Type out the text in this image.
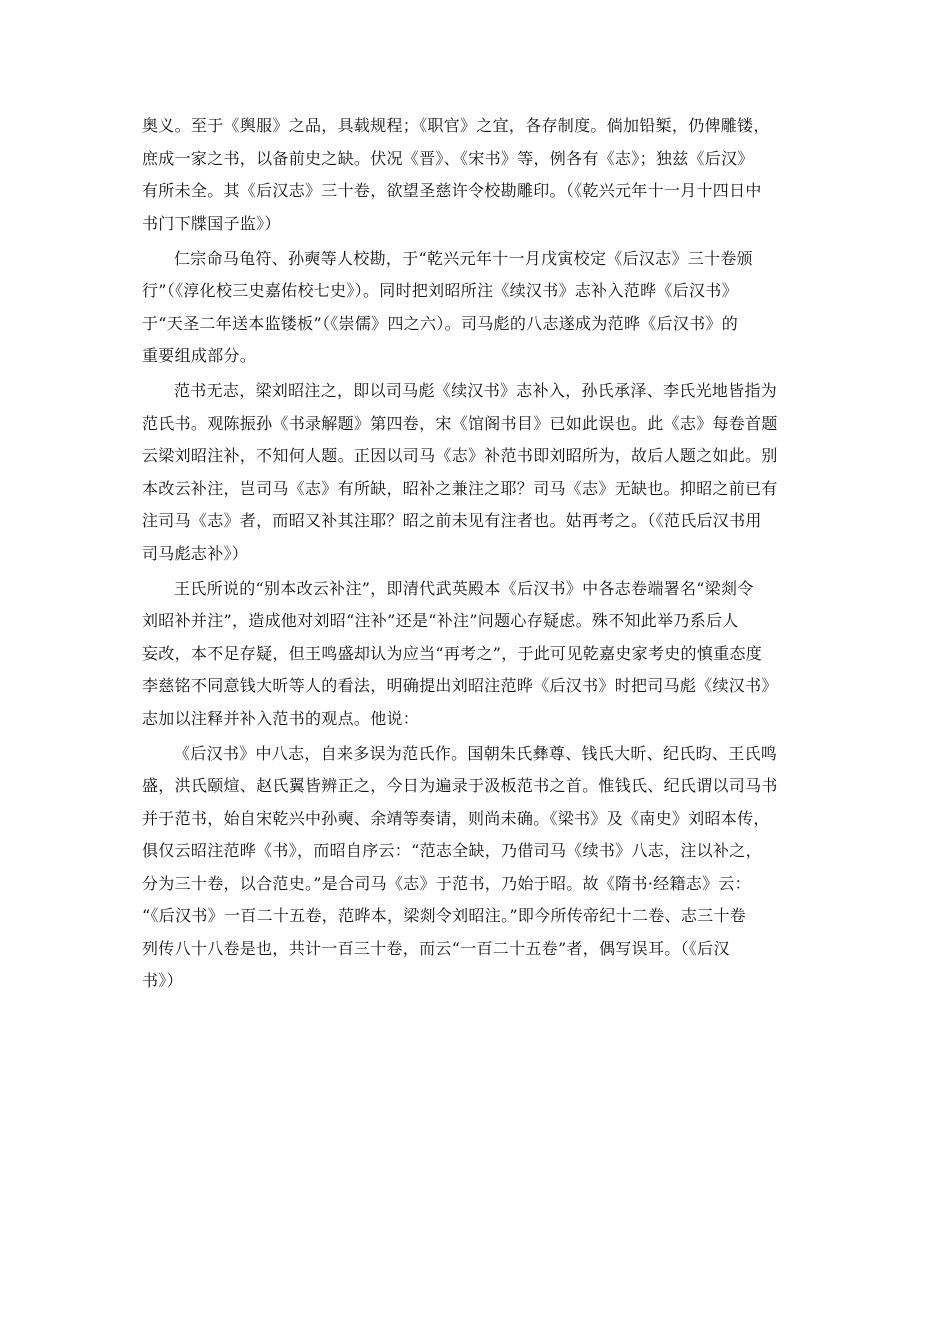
奥义。至于《舆服》之品，具载规程；《职官》之宜，各存制度。倘加铅椠，仍俾雕镂，
庶成一家之书，以备前史之缺。伏况《晋》、《宋书》等，例各有《志》；独兹《后汉》
有所未全。其《后汉志》三十卷，欲望圣慈许令校勘雕印。（《乾兴元年十一月十四日中
书门下牒国子监》）
仁宗命马龟符、孙奭等人校勘，于“乾兴元年十一月戊寅校定《后汉志》三十卷颁
行”（《淳化校三史嘉佑校七史》）。同时把刘昭所注《续汉书》志补入范晔《后汉书》
于“天圣二年送本监镂板”（《崇儒》四之六）。司马彪的八志遂成为范晔《后汉书》的
重要组成部分。
范书无志，梁刘昭注之，即以司马彪《续汉书》志补入，孙氏承泽、李氏光地皆指为
范氏书。观陈振孙《书录解题》第四卷，宋《馆阁书目》已如此误也。此《志》每卷首题
云梁刘昭注补，不知何人题。正因以司马《志》补范书即刘昭所为，故后人题之如此。别
本改云补注，岂司马《志》有所缺，昭补之兼注之耶？司马《志》无缺也。抑昭之前已有
注司马《志》者，而昭又补其注耶？昭之前未见有注者也。姑再考之。（《范氏后汉书用
司马彪志补》）
王氏所说的“别本改云补注”，即清代武英殿本《后汉书》中各志卷端署名“梁剡令
刘昭补并注”，造成他对刘昭“注补”还是“补注”问题心存疑虑。殊不知此举乃系后人
妄改，本不足存疑，但王鸣盛却认为应当“再考之”，于此可见乾嘉史家考史的慎重态度
李慈铭不同意钱大昕等人的看法，明确提出刘昭注范晔《后汉书》时把司马彪《续汉书》
志加以注释并补入范书的观点。他说：
《后汉书》中八志，自来多误为范氏作。国朝朱氏彝尊、钱氏大昕、纪氏昀、王氏鸣
盛，洪氏颐煊、赵氏翼皆辨正之，今日为遍录于汲板范书之首。惟钱氏、纪氏谓以司马书
并于范书，始自宋乾兴中孙奭、余靖等奏请，则尚未确。《梁书》及《南史》刘昭本传，
俱仅云昭注范晔《书》，而昭自序云：“范志全缺，乃借司马《续书》八志，注以补之，
分为三十卷，以合范史。”是合司马《志》于范书，乃始于昭。故《隋书·经籍志》云：
“《后汉书》一百二十五卷，范晔本，梁剡令刘昭注。”即今所传帝纪十二卷、志三十卷
列传八十八卷是也，共计一百三十卷，而云“一百二十五卷”者，偶写误耳。（《后汉
书》）
